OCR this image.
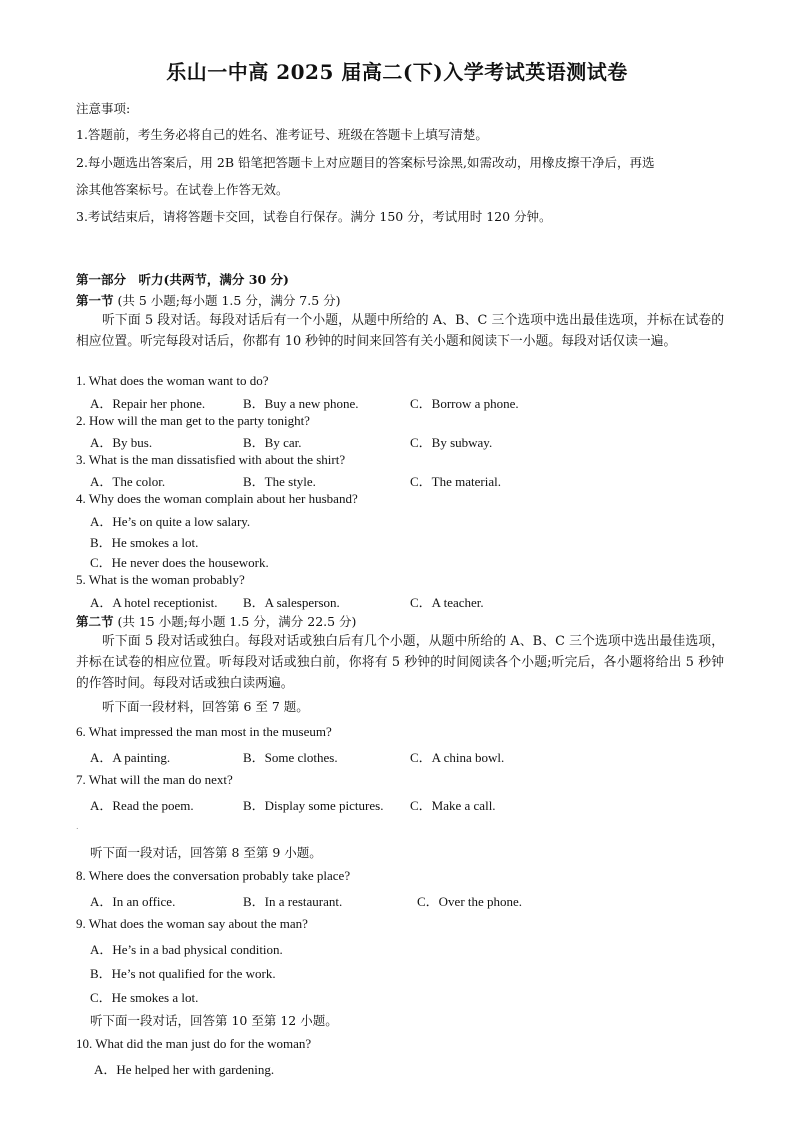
乐山一中高 2025 届高二(下)入学考试英语测试卷
注意事项:
1.答题前，考生务必将自己的姓名、准考证号、班级在答题卡上填写清楚。
2.每小题选出答案后，用 2B 铅笔把答题卡上对应题目的答案标号涂黑,如需改动，用橡皮擦干净后，再选
涂其他答案标号。在试卷上作答无效。
3.考试结束后，请将答题卡交回，试卷自行保存。满分 150 分，考试用时 120 分钟。
第一部分　听力(共两节，满分 30 分)
第一节 (共 5 小题;每小题 1.5 分，满分 7.5 分)
听下面 5 段对话。每段对话后有一个小题，从题中所给的 A、B、C 三个选项中选出最佳选项，并标在试卷的相应位置。听完每段对话后，你都有 10 秒钟的时间来回答有关小题和阅读下一小题。每段对话仅读一遍。
1. What does the woman want to do?
A．Repair her phone.	B．Buy a new phone.	C．Borrow a phone.
2. How will the man get to the party tonight?
A．By bus.	B．By car.	C．By subway.
3. What is the man dissatisfied with about the shirt?
A．The color.	B．The style.	C．The material.
4. Why does the woman complain about her husband?
A．He’s on quite a low salary.
B．He smokes a lot.
C．He never does the housework.
5. What is the woman probably?
A．A hotel receptionist. B．A salesperson.	C．A teacher.
第二节 (共 15 小题;每小题 1.5 分，满分 22.5 分)
听下面 5 段对话或独白。每段对话或独白后有几个小题，从题中所给的 A、B、C 三个选项中选出最佳选项，并标在试卷的相应位置。听每段对话或独白前，你将有 5 秒钟的时间阅读各个小题;听完后，各小题将给出 5 秒钟的作答时间。每段对话或独白读两遍。
听下面一段材料，回答第 6 至 7 题。
6. What impressed the man most in the museum?
A．A painting.	B．Some clothes.	C．A china bowl.
7. What will the man do next?
A．Read the poem.	B．Display some pictures. C．Make a call.
.
听下面一段对话，回答第 8 至第 9 小题。
8. Where does the conversation probably take place?
A．In an office.	B．In a restaurant.	C．Over the phone.
9. What does the woman say about the man?
A．He’s in a bad physical condition.
B．He’s not qualified for the work.
C．He smokes a lot.
听下面一段对话，回答第 10 至第 12 小题。
10. What did the man just do for the woman?
A．He helped her with gardening.
